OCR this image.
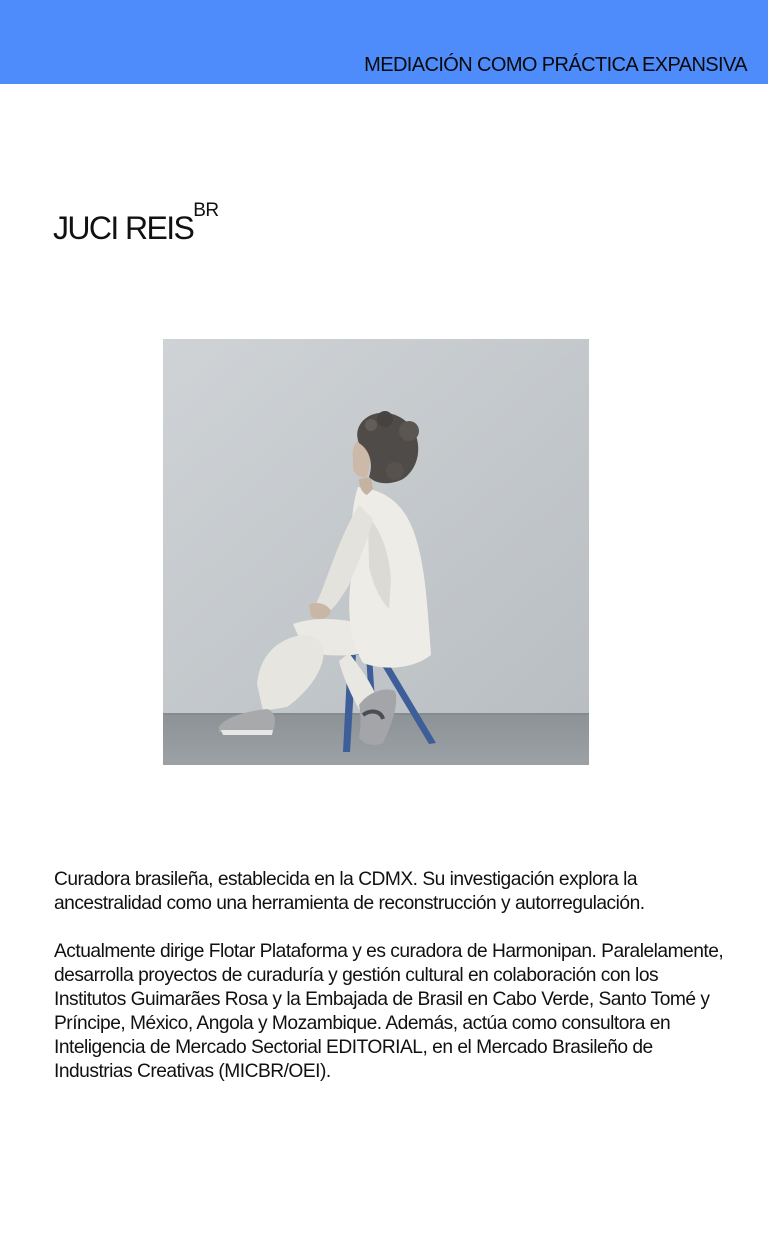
MEDIACIÓN COMO PRÁCTICA EXPANSIVA
JUCI $REIS^{BR}$

Curadora brasileña, establecida en la CDMX. Su investigación explora la ancestralidad como una herramienta de reconstrucción y autorregulación.

Actualmente dirige Flotar Plataforma y es curadora de Harmonipan. Paralelamente, desarrolla proyectos de curaduría y gestión cultural en colaboración con los Institutos Guimarães Rosa y la Embajada de Brasil en Cabo Verde, Santo Tomé y Príncipe, México, Angola y Mozambique. Además, actúa como consultora en Inteligencia de Mercado Sectorial EDITORIAL, en el Mercado Brasileño de Industrias Creativas (MICBR/OEI).
